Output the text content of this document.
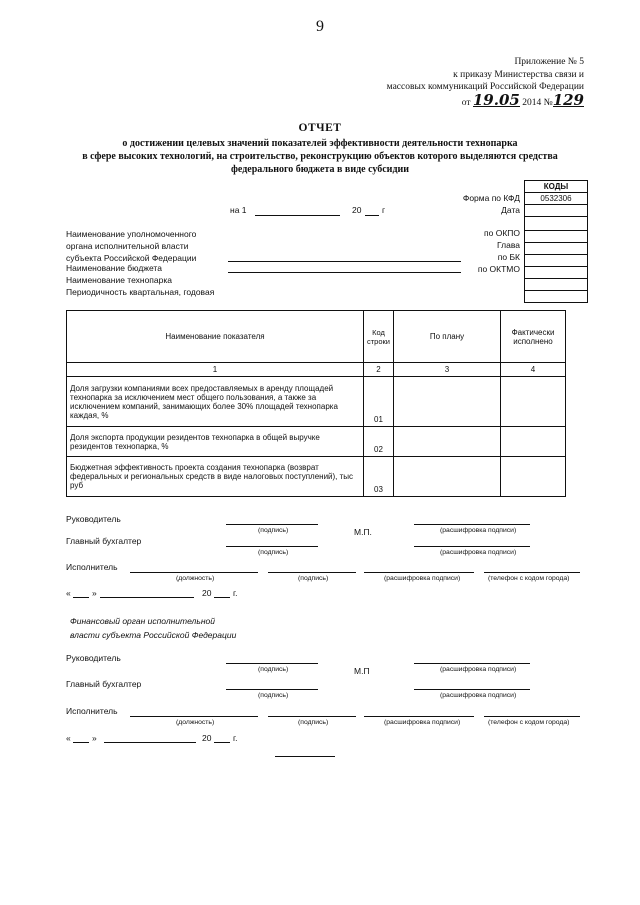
9
Приложение № 5
к приказу Министерства связи и
массовых коммуникаций Российской Федерации
от 19.05 2014 №129
ОТЧЕТ
о достижении целевых значений показателей эффективности деятельности технопарка
в сфере высоких технологий, на строительство, реконструкцию объектов которого выделяются средства
федерального бюджета в виде субсидии
КОДЫ
0532306

Форма по КФД
Дата
по ОКПО
Глава
по БК
по ОКТМО
на 1	20 г
Наименование уполномоченного
органа исполнительной власти
субъекта Российской Федерации
Наименование бюджета
Наименование технопарка
Периодичность квартальная, годовая
Наименование показателя	Код строки	По плану	Фактически исполнено
1	2	3	4
Доля загрузки компаниями всех предоставляемых в аренду площадей технопарка за исключением мест общего пользования, а также за исключением компаний, занимающих более 30% площадей технопарка каждая, %	01		
Доля экспорта продукции резидентов технопарка в общей выручке резидентов технопарка, %	02		
Бюджетная эффективность проекта создания технопарка (возврат федеральных и региональных средств в виде налоговых поступлений), тыс руб	03		
Руководитель
(подпись)	М.П.	(расшифровка подписи)
Главный бухгалтер
(подпись)	(расшифровка подписи)
Исполнитель
(должность)	(подпись)	(расшифровка подписи)	(телефон с кодом города)
«	»	20	г.
Финансовый орган исполнительной
власти субъекта Российской Федерации
Руководитель
(подпись)	М.П	(расшифровка подписи)
Главный бухгалтер
(подпись)	(расшифровка подписи)
Исполнитель
(должность)	(подпись)	(расшифровка подписи)	(телефон с кодом города)
«	»	20	г.
